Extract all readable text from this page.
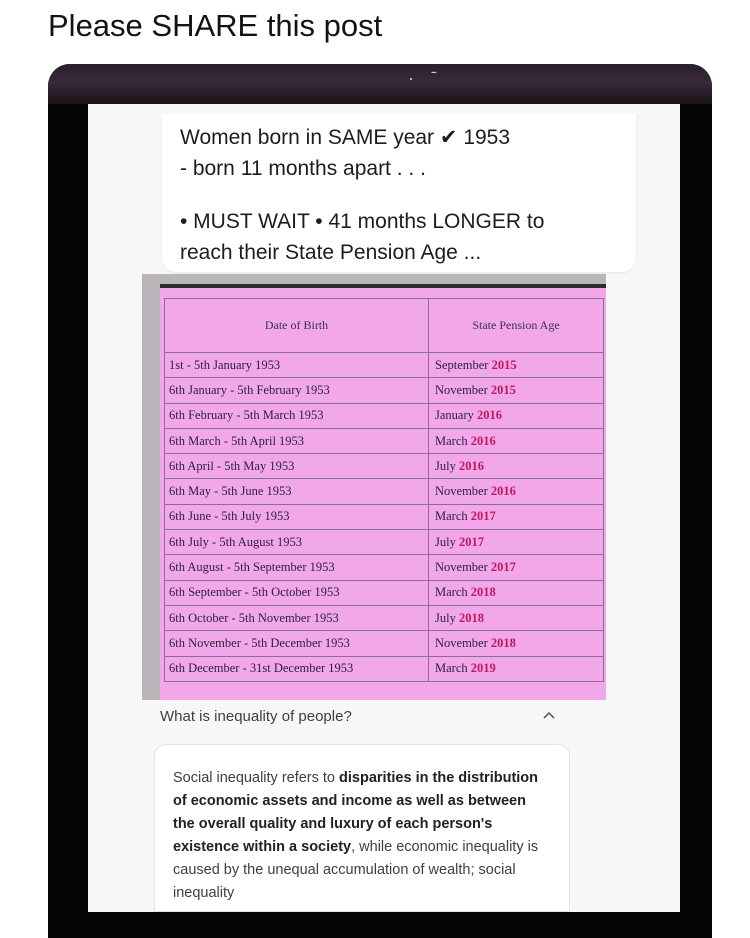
Please SHARE this post
· ˉ
Women born in SAME year ✔ 1953
- born 11 months apart . . .
• MUST WAIT • 41 months LONGER to
reach their State Pension Age ...
Date of Birth	State Pension Age
1st - 5th January 1953	September 2015
6th January - 5th February 1953	November 2015
6th February - 5th March 1953	January 2016
6th March - 5th April 1953	March 2016
6th April - 5th May 1953	July 2016
6th May - 5th June 1953	November 2016
6th June - 5th July 1953	March 2017
6th July - 5th August 1953	July 2017
6th August - 5th September 1953	November 2017
6th September - 5th October 1953	March 2018
6th October - 5th November 1953	July 2018
6th November - 5th December 1953	November 2018
6th December - 31st December 1953	March 2019
What is inequality of people?

Social inequality refers to disparities in the distribution of economic assets and income as well as between the overall quality and luxury of each person's existence within a society, while economic inequality is caused by the unequal accumulation of wealth; social inequality
